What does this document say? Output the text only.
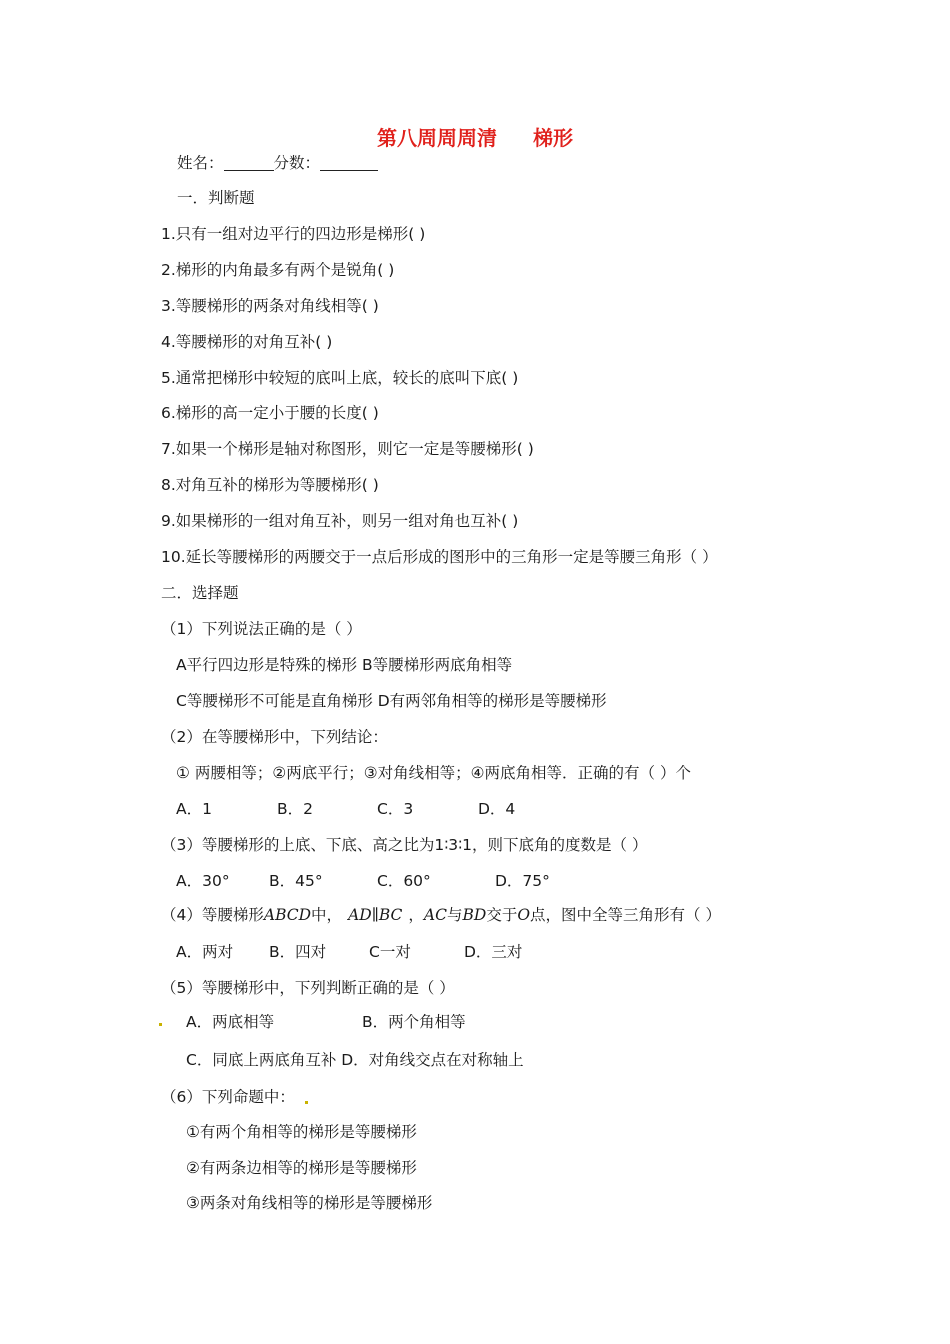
第八周周周清 梯形
姓名：	分数：
一．判断题
1.只有一组对边平行的四边形是梯形( )
2.梯形的内角最多有两个是锐角( )
3.等腰梯形的两条对角线相等( )
4.等腰梯形的对角互补( )
5.通常把梯形中较短的底叫上底，较长的底叫下底( )
6.梯形的高一定小于腰的长度( )
7.如果一个梯形是轴对称图形，则它一定是等腰梯形( )
8.对角互补的梯形为等腰梯形( )
9.如果梯形的一组对角互补，则另一组对角也互补( )
10.延长等腰梯形的两腰交于一点后形成的图形中的三角形一定是等腰三角形（ ）
二．选择题
（1）下列说法正确的是（ ）
A平行四边形是特殊的梯形 B等腰梯形两底角相等
C等腰梯形不可能是直角梯形 D有两邻角相等的梯形是等腰梯形
（2）在等腰梯形中，下列结论：
① 两腰相等；②两底平行；③对角线相等；④两底角相等．正确的有（ ）个
A．1	B．2	C．3	D．4
（3）等腰梯形的上底、下底、高之比为1∶3∶1，则下底角的度数是（ ）
A．30°	B．45°	C．60°	D．75°
（4）等腰梯形ABCD中， AD∥BC ，AC与BD交于O点，图中全等三角形有（ ）
A．两对 B．四对	C一对	D．三对
（5）等腰梯形中，下列判断正确的是（ ）
A．两底相等	B．两个角相等
C．同底上两底角互补 D．对角线交点在对称轴上
（6）下列命题中：
①有两个角相等的梯形是等腰梯形
②有两条边相等的梯形是等腰梯形
③两条对角线相等的梯形是等腰梯形
